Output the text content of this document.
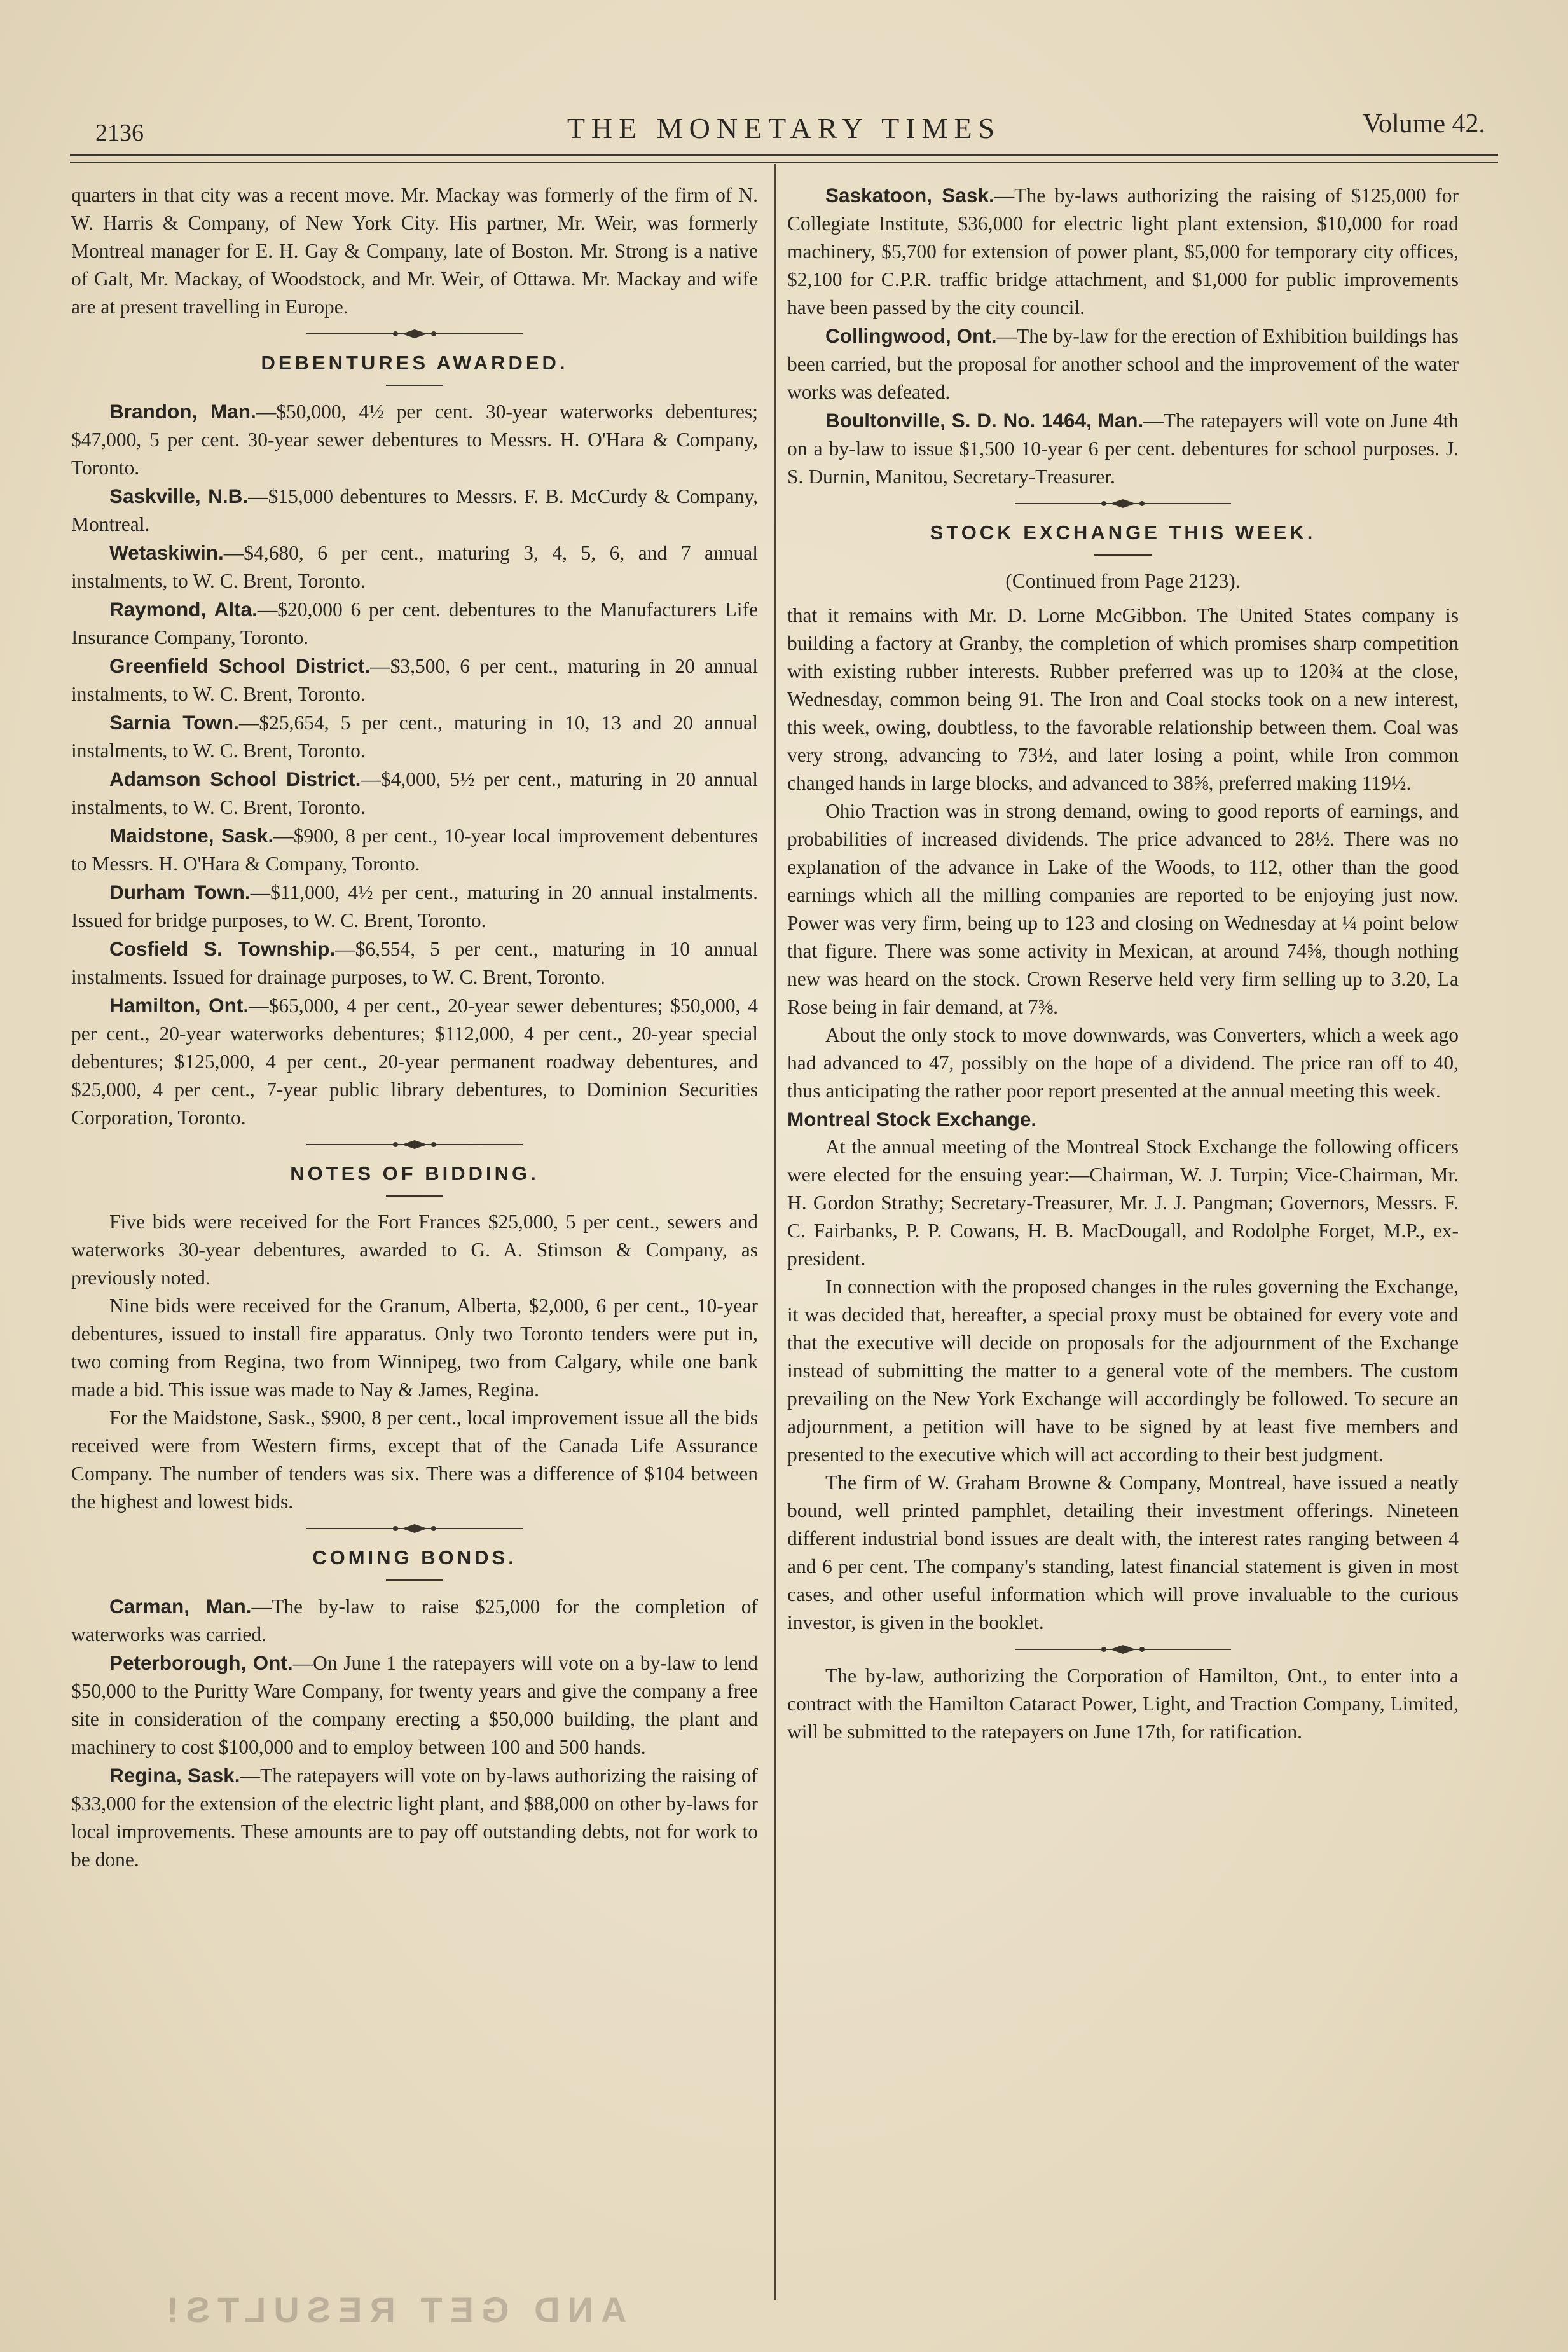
2136	THE MONETARY TIMES	Volume 42.

quarters in that city was a recent move. Mr. Mackay was formerly of the firm of N. W. Harris & Company, of New York City. His partner, Mr. Weir, was formerly Montreal manager for E. H. Gay & Company, late of Boston. Mr. Strong is a native of Galt, Mr. Mackay, of Woodstock, and Mr. Weir, of Ottawa. Mr. Mackay and wife are at present travelling in Europe.

DEBENTURES AWARDED.

Brandon, Man.—$50,000, 4½ per cent. 30-year waterworks debentures; $47,000, 5 per cent. 30-year sewer debentures to Messrs. H. O'Hara & Company, Toronto.

Saskville, N.B.—$15,000 debentures to Messrs. F. B. McCurdy & Company, Montreal.

Wetaskiwin.—$4,680, 6 per cent., maturing 3, 4, 5, 6, and 7 annual instalments, to W. C. Brent, Toronto.

Raymond, Alta.—$20,000 6 per cent. debentures to the Manufacturers Life Insurance Company, Toronto.

Greenfield School District.—$3,500, 6 per cent., maturing in 20 annual instalments, to W. C. Brent, Toronto.

Sarnia Town.—$25,654, 5 per cent., maturing in 10, 13 and 20 annual instalments, to W. C. Brent, Toronto.

Adamson School District.—$4,000, 5½ per cent., maturing in 20 annual instalments, to W. C. Brent, Toronto.

Maidstone, Sask.—$900, 8 per cent., 10-year local improvement debentures to Messrs. H. O'Hara & Company, Toronto.

Durham Town.—$11,000, 4½ per cent., maturing in 20 annual instalments. Issued for bridge purposes, to W. C. Brent, Toronto.

Cosfield S. Township.—$6,554, 5 per cent., maturing in 10 annual instalments. Issued for drainage purposes, to W. C. Brent, Toronto.

Hamilton, Ont.—$65,000, 4 per cent., 20-year sewer debentures; $50,000, 4 per cent., 20-year waterworks debentures; $112,000, 4 per cent., 20-year special debentures; $125,000, 4 per cent., 20-year permanent roadway debentures, and $25,000, 4 per cent., 7-year public library debentures, to Dominion Securities Corporation, Toronto.

NOTES OF BIDDING.

Five bids were received for the Fort Frances $25,000, 5 per cent., sewers and waterworks 30-year debentures, awarded to G. A. Stimson & Company, as previously noted.

Nine bids were received for the Granum, Alberta, $2,000, 6 per cent., 10-year debentures, issued to install fire apparatus. Only two Toronto tenders were put in, two coming from Regina, two from Winnipeg, two from Calgary, while one bank made a bid. This issue was made to Nay & James, Regina.

For the Maidstone, Sask., $900, 8 per cent., local improvement issue all the bids received were from Western firms, except that of the Canada Life Assurance Company. The number of tenders was six. There was a difference of $104 between the highest and lowest bids.

COMING BONDS.

Carman, Man.—The by-law to raise $25,000 for the completion of waterworks was carried.

Peterborough, Ont.—On June 1 the ratepayers will vote on a by-law to lend $50,000 to the Puritty Ware Company, for twenty years and give the company a free site in consideration of the company erecting a $50,000 building, the plant and machinery to cost $100,000 and to employ between 100 and 500 hands.

Regina, Sask.—The ratepayers will vote on by-laws authorizing the raising of $33,000 for the extension of the electric light plant, and $88,000 on other by-laws for local improvements. These amounts are to pay off outstanding debts, not for work to be done.

Saskatoon, Sask.—The by-laws authorizing the raising of $125,000 for Collegiate Institute, $36,000 for electric light plant extension, $10,000 for road machinery, $5,700 for extension of power plant, $5,000 for temporary city offices, $2,100 for C.P.R. traffic bridge attachment, and $1,000 for public improvements have been passed by the city council.

Collingwood, Ont.—The by-law for the erection of Exhibition buildings has been carried, but the proposal for another school and the improvement of the water works was defeated.

Boultonville, S. D. No. 1464, Man.—The ratepayers will vote on June 4th on a by-law to issue $1,500 10-year 6 per cent. debentures for school purposes. J. S. Durnin, Manitou, Secretary-Treasurer.

STOCK EXCHANGE THIS WEEK.
(Continued from Page 2123).

that it remains with Mr. D. Lorne McGibbon. The United States company is building a factory at Granby, the completion of which promises sharp competition with existing rubber interests. Rubber preferred was up to 120¾ at the close, Wednesday, common being 91. The Iron and Coal stocks took on a new interest, this week, owing, doubtless, to the favorable relationship between them. Coal was very strong, advancing to 73½, and later losing a point, while Iron common changed hands in large blocks, and advanced to 38⅝, preferred making 119½.

Ohio Traction was in strong demand, owing to good reports of earnings, and probabilities of increased dividends. The price advanced to 28½. There was no explanation of the advance in Lake of the Woods, to 112, other than the good earnings which all the milling companies are reported to be enjoying just now. Power was very firm, being up to 123 and closing on Wednesday at ¼ point below that figure. There was some activity in Mexican, at around 74⅝, though nothing new was heard on the stock. Crown Reserve held very firm selling up to 3.20, La Rose being in fair demand, at 7⅜.

About the only stock to move downwards, was Converters, which a week ago had advanced to 47, possibly on the hope of a dividend. The price ran off to 40, thus anticipating the rather poor report presented at the annual meeting this week.

Montreal Stock Exchange.

At the annual meeting of the Montreal Stock Exchange the following officers were elected for the ensuing year:—Chairman, W. J. Turpin; Vice-Chairman, Mr. H. Gordon Strathy; Secretary-Treasurer, Mr. J. J. Pangman; Governors, Messrs. F. C. Fairbanks, P. P. Cowans, H. B. MacDougall, and Rodolphe Forget, M.P., ex-president.

In connection with the proposed changes in the rules governing the Exchange, it was decided that, hereafter, a special proxy must be obtained for every vote and that the executive will decide on proposals for the adjournment of the Exchange instead of submitting the matter to a general vote of the members. The custom prevailing on the New York Exchange will accordingly be followed. To secure an adjournment, a petition will have to be signed by at least five members and presented to the executive which will act according to their best judgment.

The firm of W. Graham Browne & Company, Montreal, have issued a neatly bound, well printed pamphlet, detailing their investment offerings. Nineteen different industrial bond issues are dealt with, the interest rates ranging between 4 and 6 per cent. The company's standing, latest financial statement is given in most cases, and other useful information which will prove invaluable to the curious investor, is given in the booklet.

The by-law, authorizing the Corporation of Hamilton, Ont., to enter into a contract with the Hamilton Cataract Power, Light, and Traction Company, Limited, will be submitted to the ratepayers on June 17th, for ratification.

AND GET RESULTS!
